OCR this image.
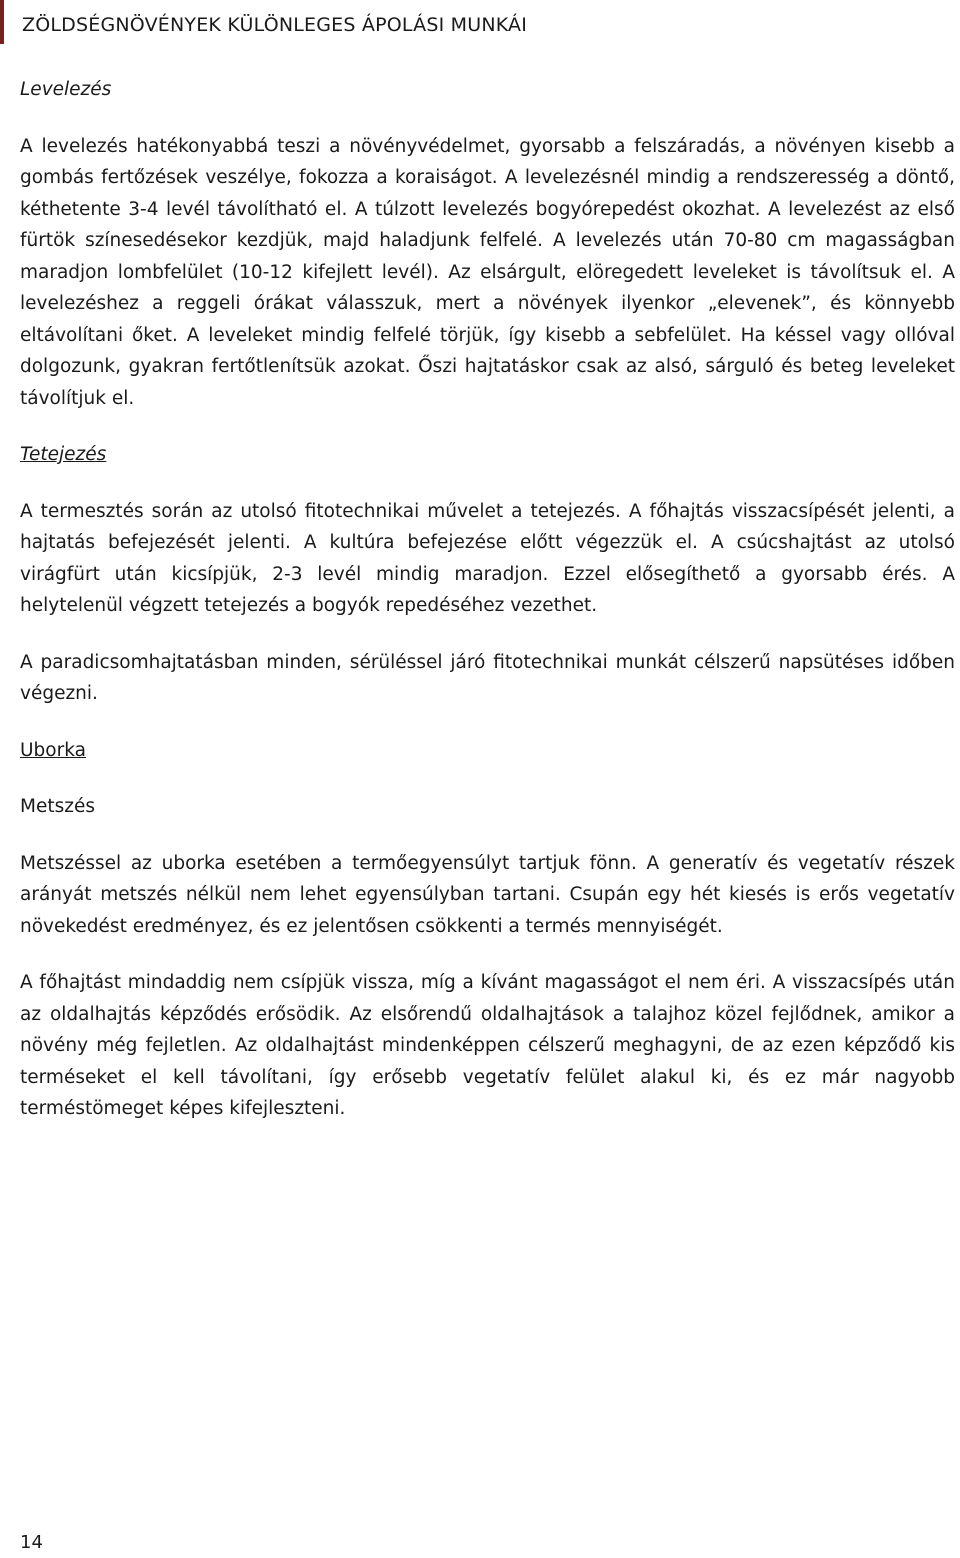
ZÖLDSÉGNÖVÉNYEK KÜLÖNLEGES ÁPOLÁSI MUNKÁI
Levelezés

A levelezés hatékonyabbá teszi a növényvédelmet, gyorsabb a felszáradás, a növényen kisebb a gombás fertőzések veszélye, fokozza a koraiságot. A levelezésnél mindig a rendszeresség a döntő, kéthetente 3-4 levél távolítható el. A túlzott levelezés bogyórepedést okozhat. A levelezést az első fürtök színesedésekor kezdjük, majd haladjunk felfelé. A levelezés után 70-80 cm magasságban maradjon lombfelület (10-12 kifejlett levél). Az elsárgult, elöregedett leveleket is távolítsuk el. A levelezéshez a reggeli órákat válasszuk, mert a növények ilyenkor „elevenek”, és könnyebb eltávolítani őket. A leveleket mindig felfelé törjük, így kisebb a sebfelület. Ha késsel vagy ollóval dolgozunk, gyakran fertőtlenítsük azokat. Őszi hajtatáskor csak az alsó, sárguló és beteg leveleket távolítjuk el.

Tetejezés

A termesztés során az utolsó fitotechnikai művelet a tetejezés. A főhajtás visszacsípését jelenti, a hajtatás befejezését jelenti. A kultúra befejezése előtt végezzük el. A csúcshajtást az utolsó virágfürt után kicsípjük, 2-3 levél mindig maradjon. Ezzel elősegíthető a gyorsabb érés. A helytelenül végzett tetejezés a bogyók repedéséhez vezethet.

A paradicsomhajtatásban minden, sérüléssel járó fitotechnikai munkát célszerű napsütéses időben végezni.

Uborka
Metszés

Metszéssel az uborka esetében a termőegyensúlyt tartjuk fönn. A generatív és vegetatív részek arányát metszés nélkül nem lehet egyensúlyban tartani. Csupán egy hét kiesés is erős vegetatív növekedést eredményez, és ez jelentősen csökkenti a termés mennyiségét.

A főhajtást mindaddig nem csípjük vissza, míg a kívánt magasságot el nem éri. A visszacsípés után az oldalhajtás képződés erősödik. Az elsőrendű oldalhajtások a talajhoz közel fejlődnek, amikor a növény még fejletlen. Az oldalhajtást mindenképpen célszerű meghagyni, de az ezen képződő kis terméseket el kell távolítani, így erősebb vegetatív felület alakul ki, és ez már nagyobb terméstömeget képes kifejleszteni.

14
